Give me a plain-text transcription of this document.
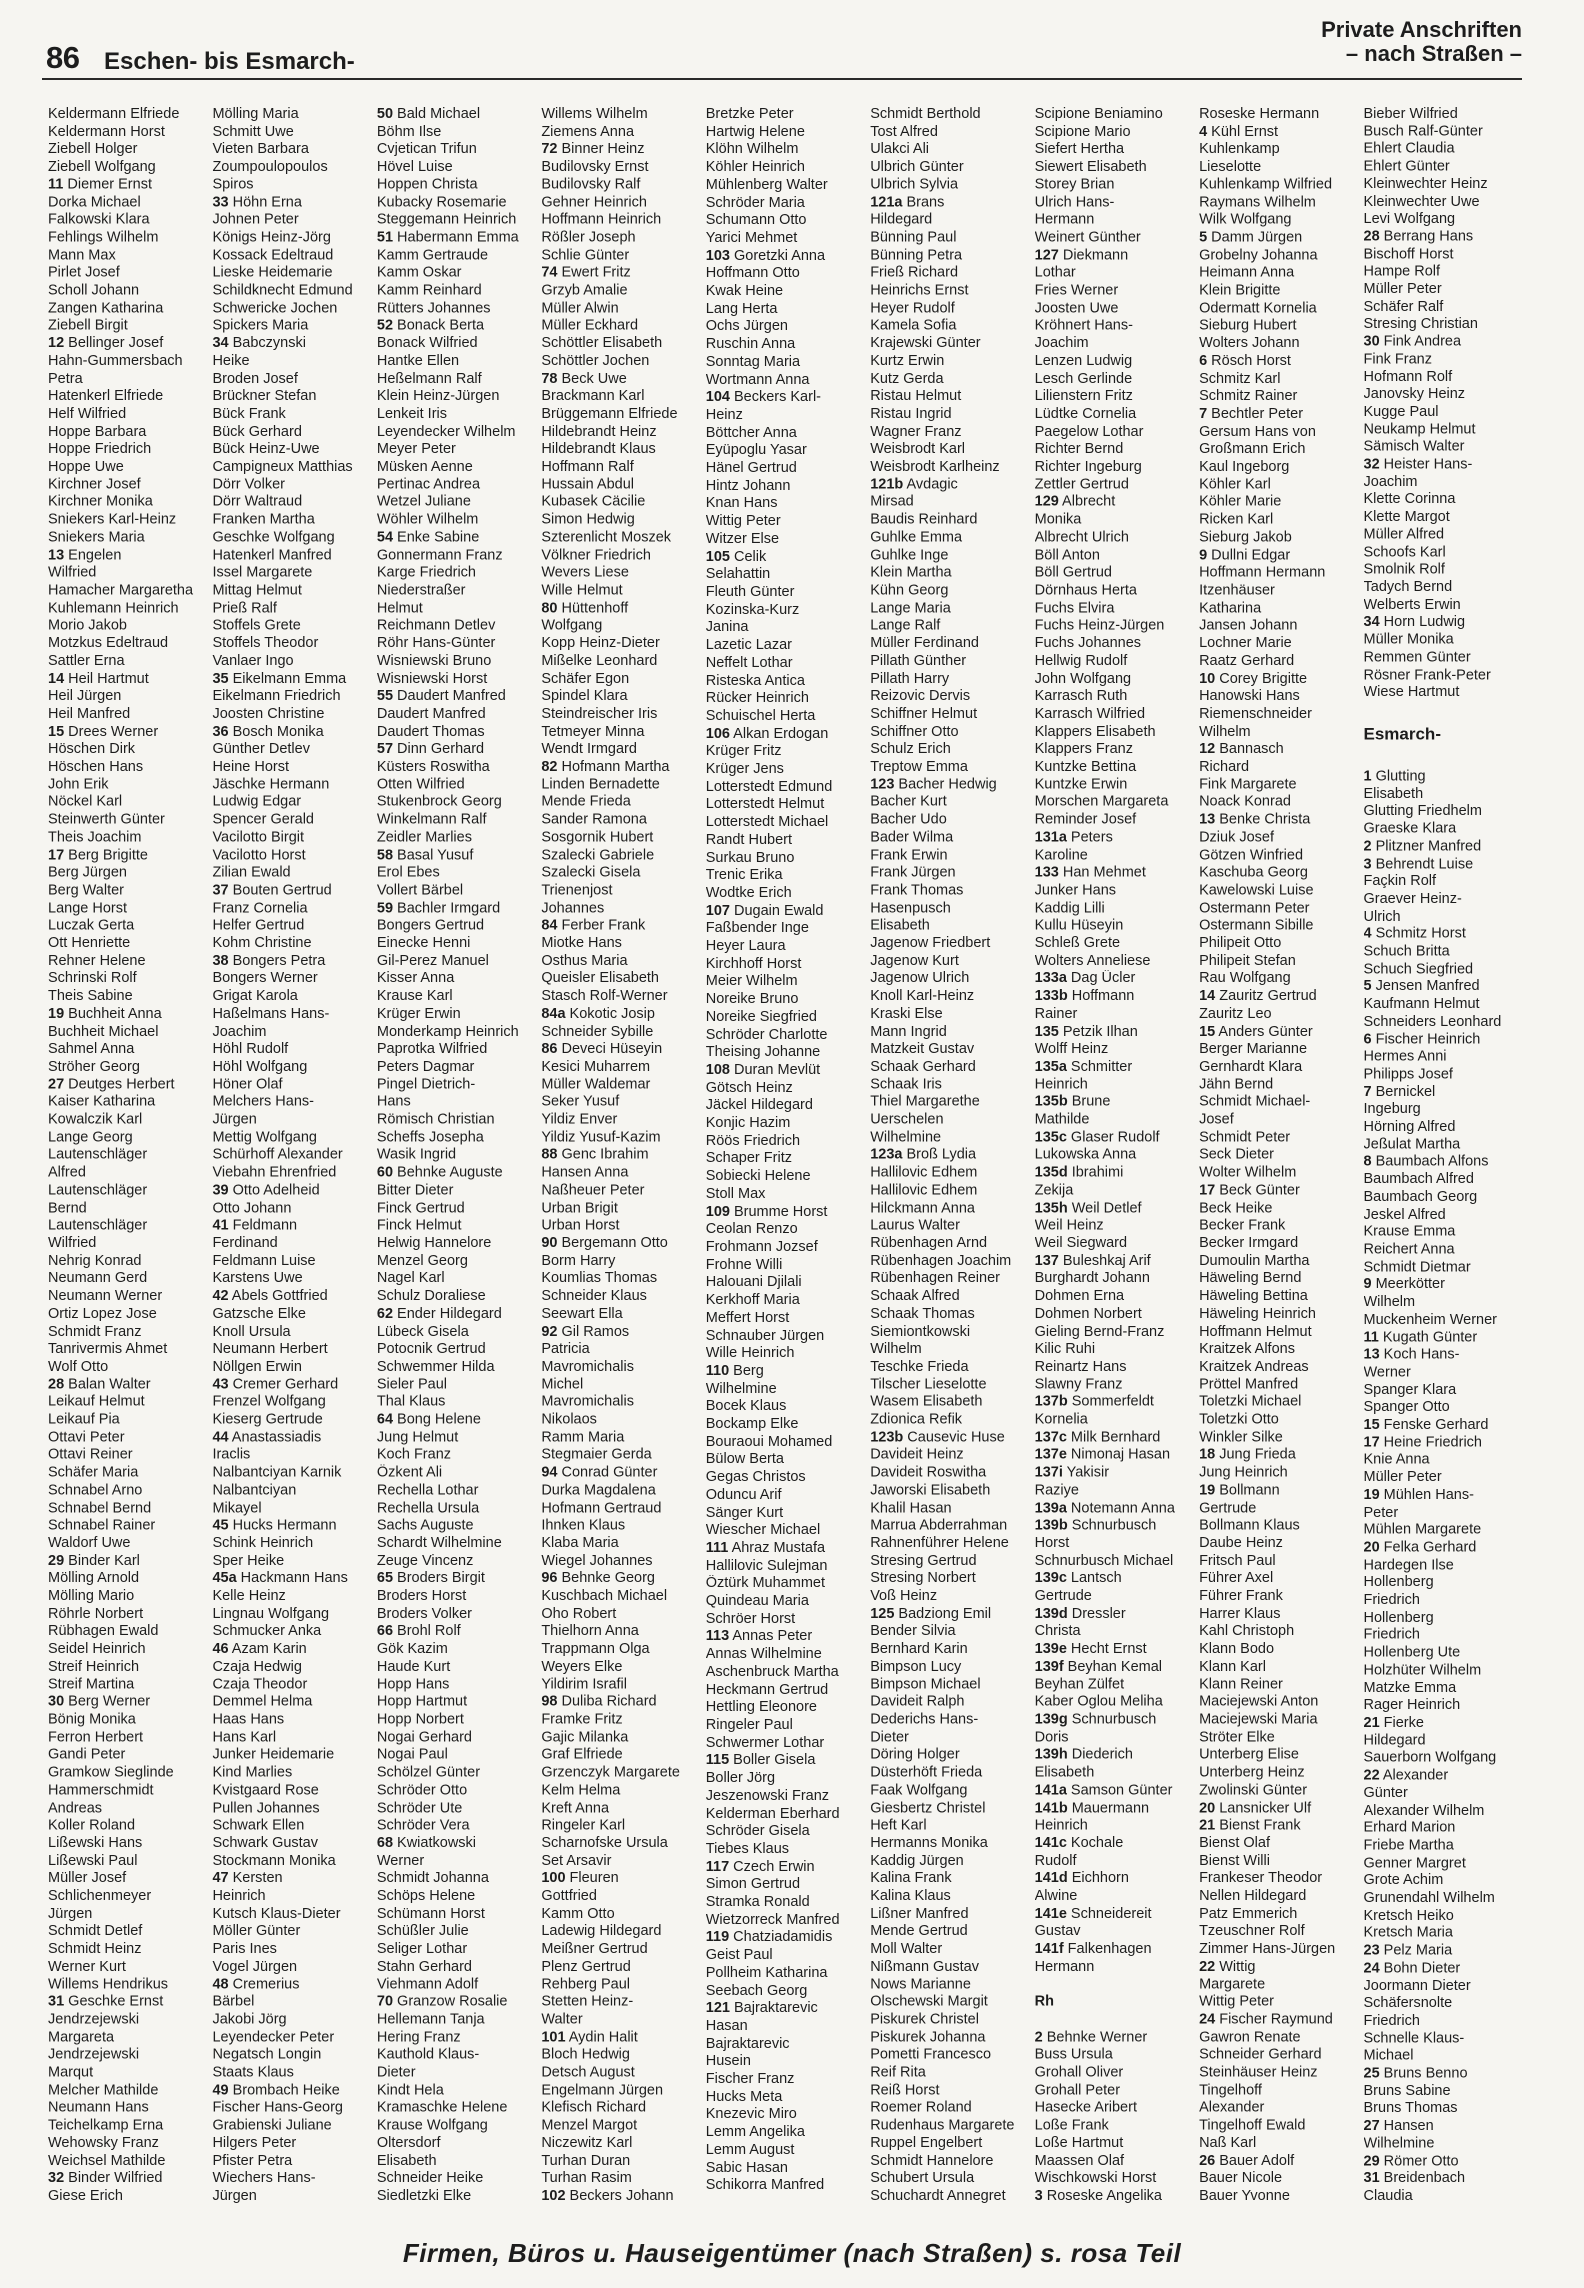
86 Eschen- bis Esmarch-
Private Anschriften
– nach Straßen –
Keldermann Elfriede
Keldermann Horst
Ziebell Holger
Ziebell Wolfgang
11 Diemer Ernst
Dorka Michael
Falkowski Klara
Fehlings Wilhelm
Mann Max
Pirlet Josef
Scholl Johann
Zangen Katharina
Ziebell Birgit
12 Bellinger Josef
Hahn-Gummersbach
Petra
Hatenkerl Elfriede
Helf Wilfried
Hoppe Barbara
Hoppe Friedrich
Hoppe Uwe
Kirchner Josef
Kirchner Monika
Sniekers Karl-Heinz
Sniekers Maria
13 Engelen
Wilfried
Hamacher Margaretha
Kuhlemann Heinrich
Morio Jakob
Motzkus Edeltraud
Sattler Erna
14 Heil Hartmut
Heil Jürgen
Heil Manfred
15 Drees Werner
Höschen Dirk
Höschen Hans
John Erik
Nöckel Karl
Steinwerth Günter
Theis Joachim
17 Berg Brigitte
Berg Jürgen
Berg Walter
Lange Horst
Luczak Gerta
Ott Henriette
Rehner Helene
Schrinski Rolf
Theis Sabine
19 Buchheit Anna
Buchheit Michael
Sahmel Anna
Ströher Georg
27 Deutges Herbert
Kaiser Katharina
Kowalczik Karl
Lange Georg
Lautenschläger
Alfred
Lautenschläger
Bernd
Lautenschläger
Wilfried
Nehrig Konrad
Neumann Gerd
Neumann Werner
Ortiz Lopez Jose
Schmidt Franz
Tanrivermis Ahmet
Wolf Otto
28 Balan Walter
Leikauf Helmut
Leikauf Pia
Ottavi Peter
Ottavi Reiner
Schäfer Maria
Schnabel Arno
Schnabel Bernd
Schnabel Rainer
Waldorf Uwe
29 Binder Karl
Mölling Arnold
Mölling Mario
Röhrle Norbert
Rübhagen Ewald
Seidel Heinrich
Streif Heinrich
Streif Martina
30 Berg Werner
Bönig Monika
Ferron Herbert
Gandi Peter
Gramkow Sieglinde
Hammerschmidt
Andreas
Koller Roland
Lißewski Hans
Lißewski Paul
Müller Josef
Schlichenmeyer
Jürgen
Schmidt Detlef
Schmidt Heinz
Werner Kurt
Willems Hendrikus
31 Geschke Ernst
Jendrzejewski
Margareta
Jendrzejewski
Marqut
Melcher Mathilde
Neumann Hans
Teichelkamp Erna
Wehowsky Franz
Weichsel Mathilde
32 Binder Wilfried
Giese Erich
Mölling Maria
Schmitt Uwe
Vieten Barbara
Zoumpoulopoulos
Spiros
33 Höhn Erna
Johnen Peter
Königs Heinz-Jörg
Kossack Edeltraud
Lieske Heidemarie
Schildknecht Edmund
Schwericke Jochen
Spickers Maria
34 Babczynski
Heike
Broden Josef
Brückner Stefan
Bück Frank
Bück Gerhard
Bück Heinz-Uwe
Campigneux Matthias
Dörr Volker
Dörr Waltraud
Franken Martha
Geschke Wolfgang
Hatenkerl Manfred
Issel Margarete
Mittag Helmut
Prieß Ralf
Stoffels Grete
Stoffels Theodor
Vanlaer Ingo
35 Eikelmann Emma
Eikelmann Friedrich
Joosten Christine
36 Bosch Monika
Günther Detlev
Heine Horst
Jäschke Hermann
Ludwig Edgar
Spencer Gerald
Vacilotto Birgit
Vacilotto Horst
Zilian Ewald
37 Bouten Gertrud
Franz Cornelia
Helfer Gertrud
Kohm Christine
38 Bongers Petra
Bongers Werner
Grigat Karola
Haßelmans Hans-
Joachim
Höhl Rudolf
Höhl Wolfgang
Höner Olaf
Melchers Hans-
Jürgen
Mettig Wolfgang
Schürhoff Alexander
Viebahn Ehrenfried
39 Otto Adelheid
Otto Johann
41 Feldmann
Ferdinand
Feldmann Luise
Karstens Uwe
42 Abels Gottfried
Gatzsche Elke
Knoll Ursula
Neumann Herbert
Nöllgen Erwin
43 Cremer Gerhard
Frenzel Wolfgang
Kieserg Gertrude
44 Anastassiadis
Iraclis
Nalbantciyan Karnik
Nalbantciyan
Mikayel
45 Hucks Hermann
Schink Heinrich
Sper Heike
45a Hackmann Hans
Kelle Heinz
Lingnau Wolfgang
Schmucker Anka
46 Azam Karin
Czaja Hedwig
Czaja Theodor
Demmel Helma
Haas Hans
Hans Karl
Junker Heidemarie
Kind Marlies
Kvistgaard Rose
Pullen Johannes
Schwark Ellen
Schwark Gustav
Stockmann Monika
47 Kersten
Heinrich
Kutsch Klaus-Dieter
Möller Günter
Paris Ines
Vogel Jürgen
48 Cremerius
Bärbel
Jakobi Jörg
Leyendecker Peter
Negatsch Longin
Staats Klaus
49 Brombach Heike
Fischer Hans-Georg
Grabienski Juliane
Hilgers Peter
Pfister Petra
Wiechers Hans-
Jürgen
50 Bald Michael
Böhm Ilse
Cvjetican Trifun
Hövel Luise
Hoppen Christa
Kubacky Rosemarie
Steggemann Heinrich
51 Habermann Emma
Kamm Gertraude
Kamm Oskar
Kamm Reinhard
Rütters Johannes
52 Bonack Berta
Bonack Wilfried
Hantke Ellen
Heßelmann Ralf
Klein Heinz-Jürgen
Lenkeit Iris
Leyendecker Wilhelm
Meyer Peter
Müsken Aenne
Pertinac Andrea
Wetzel Juliane
Wöhler Wilhelm
54 Enke Sabine
Gonnermann Franz
Karge Friedrich
Niederstraßer
Helmut
Reichmann Detlev
Röhr Hans-Günter
Wisniewski Bruno
Wisniewski Horst
55 Daudert Manfred
Daudert Manfred
Daudert Thomas
57 Dinn Gerhard
Küsters Roswitha
Otten Wilfried
Stukenbrock Georg
Winkelmann Ralf
Zeidler Marlies
58 Basal Yusuf
Erol Ebes
Vollert Bärbel
59 Bachler Irmgard
Bongers Gertrud
Einecke Henni
Gil-Perez Manuel
Kisser Anna
Krause Karl
Krüger Erwin
Monderkamp Heinrich
Paprotka Wilfried
Peters Dagmar
Pingel Dietrich-
Hans
Römisch Christian
Scheffs Josepha
Wasik Ingrid
60 Behnke Auguste
Bitter Dieter
Finck Gertrud
Finck Helmut
Helwig Hannelore
Menzel Georg
Nagel Karl
Schulz Doraliese
62 Ender Hildegard
Lübeck Gisela
Potocnik Gertrud
Schwemmer Hilda
Sieler Paul
Thal Klaus
64 Bong Helene
Jung Helmut
Koch Franz
Özkent Ali
Rechella Lothar
Rechella Ursula
Sachs Auguste
Schardt Wilhelmine
Zeuge Vincenz
65 Broders Birgit
Broders Horst
Broders Volker
66 Brohl Rolf
Gök Kazim
Haude Kurt
Hopp Hans
Hopp Hartmut
Hopp Norbert
Nogai Gerhard
Nogai Paul
Schölzel Günter
Schröder Otto
Schröder Ute
Schröder Vera
68 Kwiatkowski
Werner
Schmidt Johanna
Schöps Helene
Schümann Horst
Schüßler Julie
Seliger Lothar
Stahn Gerhard
Viehmann Adolf
70 Granzow Rosalie
Hellemann Tanja
Hering Franz
Kauthold Klaus-
Dieter
Kindt Hela
Kramaschke Helene
Krause Wolfgang
Oltersdorf
Elisabeth
Schneider Heike
Siedletzki Elke
Willems Wilhelm
Ziemens Anna
72 Binner Heinz
Budilovsky Ernst
Budilovsky Ralf
Gehner Heinrich
Hoffmann Heinrich
Rößler Joseph
Schlie Günter
74 Ewert Fritz
Grzyb Amalie
Müller Alwin
Müller Eckhard
Schöttler Elisabeth
Schöttler Jochen
78 Beck Uwe
Brackmann Karl
Brüggemann Elfriede
Hildebrandt Heinz
Hildebrandt Klaus
Hoffmann Ralf
Hussain Abdul
Kubasek Cäcilie
Simon Hedwig
Szterenlicht Moszek
Völkner Friedrich
Wevers Liese
Wille Helmut
80 Hüttenhoff
Wolfgang
Kopp Heinz-Dieter
Mißelke Leonhard
Schäfer Egon
Spindel Klara
Steindreischer Iris
Tetmeyer Minna
Wendt Irmgard
82 Hofmann Martha
Linden Bernadette
Mende Frieda
Sander Ramona
Sosgornik Hubert
Szalecki Gabriele
Szalecki Gisela
Trienenjost
Johannes
84 Ferber Frank
Miotke Hans
Osthus Maria
Queisler Elisabeth
Stasch Rolf-Werner
84a Kokotic Josip
Schneider Sybille
86 Deveci Hüseyin
Kesici Muharrem
Müller Waldemar
Seker Yusuf
Yildiz Enver
Yildiz Yusuf-Kazim
88 Genc Ibrahim
Hansen Anna
Naßheuer Peter
Urban Brigit
Urban Horst
90 Bergemann Otto
Borm Harry
Koumlias Thomas
Schneider Klaus
Seewart Ella
92 Gil Ramos
Patricia
Mavromichalis
Michel
Mavromichalis
Nikolaos
Ramm Maria
Stegmaier Gerda
94 Conrad Günter
Durka Magdalena
Hofmann Gertraud
Ihnken Klaus
Klaba Maria
Wiegel Johannes
96 Behnke Georg
Kuschbach Michael
Oho Robert
Thielhorn Anna
Trappmann Olga
Weyers Elke
Yildirim Israfil
98 Duliba Richard
Framke Fritz
Gajic Milanka
Graf Elfriede
Grzenczyk Margarete
Kelm Helma
Kreft Anna
Ringeler Karl
Scharnofske Ursula
Set Arsavir
100 Fleuren
Gottfried
Kamm Otto
Ladewig Hildegard
Meißner Gertrud
Plenz Gertrud
Rehberg Paul
Stetten Heinz-
Walter
101 Aydin Halit
Bloch Hedwig
Detsch August
Engelmann Jürgen
Klefisch Richard
Menzel Margot
Niczewitz Karl
Turhan Duran
Turhan Rasim
102 Beckers Johann
Bretzke Peter
Hartwig Helene
Klöhn Wilhelm
Köhler Heinrich
Mühlenberg Walter
Schröder Maria
Schumann Otto
Yarici Mehmet
103 Goretzki Anna
Hoffmann Otto
Kwak Heine
Lang Herta
Ochs Jürgen
Ruschin Anna
Sonntag Maria
Wortmann Anna
104 Beckers Karl-
Heinz
Böttcher Anna
Eyüpoglu Yasar
Hänel Gertrud
Hintz Johann
Knan Hans
Wittig Peter
Witzer Else
105 Celik
Selahattin
Fleuth Günter
Kozinska-Kurz
Janina
Lazetic Lazar
Neffelt Lothar
Risteska Antica
Rücker Heinrich
Schuischel Herta
106 Alkan Erdogan
Krüger Fritz
Krüger Jens
Lotterstedt Edmund
Lotterstedt Helmut
Lotterstedt Michael
Randt Hubert
Surkau Bruno
Trenic Erika
Wodtke Erich
107 Dugain Ewald
Faßbender Inge
Heyer Laura
Kirchhoff Horst
Meier Wilhelm
Noreike Bruno
Noreike Siegfried
Schröder Charlotte
Theising Johanne
108 Duran Mevlüt
Götsch Heinz
Jäckel Hildegard
Konjic Hazim
Röös Friedrich
Schaper Fritz
Sobiecki Helene
Stoll Max
109 Brumme Horst
Ceolan Renzo
Frohmann Jozsef
Frohne Willi
Halouani Djilali
Kerkhoff Maria
Meffert Horst
Schnauber Jürgen
Wille Heinrich
110 Berg
Wilhelmine
Bocek Klaus
Bockamp Elke
Bouraoui Mohamed
Bülow Berta
Gegas Christos
Oduncu Arif
Sänger Kurt
Wiescher Michael
111 Ahraz Mustafa
Hallilovic Sulejman
Öztürk Muhammet
Quindeau Maria
Schröer Horst
113 Annas Peter
Annas Wilhelmine
Aschenbruck Martha
Heckmann Gertrud
Hettling Eleonore
Ringeler Paul
Schwermer Lothar
115 Boller Gisela
Boller Jörg
Jeszenowski Franz
Kelderman Eberhard
Schröder Gisela
Tiebes Klaus
117 Czech Erwin
Simon Gertrud
Stramka Ronald
Wietzorreck Manfred
119 Chatziadamidis
Geist Paul
Pollheim Katharina
Seebach Georg
121 Bajraktarevic
Hasan
Bajraktarevic
Husein
Fischer Franz
Hucks Meta
Knezevic Miro
Lemm Angelika
Lemm August
Sabic Hasan
Schikorra Manfred
Schmidt Berthold
Tost Alfred
Ulakci Ali
Ulbrich Günter
Ulbrich Sylvia
121a Brans
Hildegard
Bünning Paul
Bünning Petra
Frieß Richard
Heinrichs Ernst
Heyer Rudolf
Kamela Sofia
Krajewski Günter
Kurtz Erwin
Kutz Gerda
Ristau Helmut
Ristau Ingrid
Wagner Franz
Weisbrodt Karl
Weisbrodt Karlheinz
121b Avdagic
Mirsad
Baudis Reinhard
Guhlke Emma
Guhlke Inge
Klein Martha
Kühn Georg
Lange Maria
Lange Ralf
Müller Ferdinand
Pillath Günther
Pillath Harry
Reizovic Dervis
Schiffner Helmut
Schiffner Otto
Schulz Erich
Treptow Emma
123 Bacher Hedwig
Bacher Kurt
Bacher Udo
Bader Wilma
Frank Erwin
Frank Jürgen
Frank Thomas
Hasenpusch
Elisabeth
Jagenow Friedbert
Jagenow Kurt
Jagenow Ulrich
Knoll Karl-Heinz
Kraski Else
Mann Ingrid
Matzkeit Gustav
Schaak Gerhard
Schaak Iris
Thiel Margarethe
Uerschelen
Wilhelmine
123a Broß Lydia
Hallilovic Edhem
Hallilovic Edhem
Hilckmann Anna
Laurus Walter
Rübenhagen Arnd
Rübenhagen Joachim
Rübenhagen Reiner
Schaak Alfred
Schaak Thomas
Siemiontkowski
Wilhelm
Teschke Frieda
Tilscher Lieselotte
Wasem Elisabeth
Zdionica Refik
123b Causevic Huse
Davideit Heinz
Davideit Roswitha
Jaworski Elisabeth
Khalil Hasan
Marrua Abderrahman
Rahnenführer Helene
Stresing Gertrud
Stresing Norbert
Voß Heinz
125 Badziong Emil
Bender Silvia
Bernhard Karin
Bimpson Lucy
Bimpson Michael
Davideit Ralph
Dederichs Hans-
Dieter
Döring Holger
Düsterhöft Frieda
Faak Wolfgang
Giesbertz Christel
Heft Karl
Hermanns Monika
Kaddig Jürgen
Kalina Frank
Kalina Klaus
Lißner Manfred
Mende Gertrud
Moll Walter
Nißmann Gustav
Nows Marianne
Olschewski Margit
Piskurek Christel
Piskurek Johanna
Pometti Francesco
Reif Rita
Reiß Horst
Roemer Roland
Rudenhaus Margarete
Ruppel Engelbert
Schmidt Hannelore
Schubert Ursula
Schuchardt Annegret
Scipione Beniamino
Scipione Mario
Siefert Hertha
Siewert Elisabeth
Storey Brian
Ulrich Hans-
Hermann
Weinert Günther
127 Diekmann
Lothar
Fries Werner
Joosten Uwe
Kröhnert Hans-
Joachim
Lenzen Ludwig
Lesch Gerlinde
Lilienstern Fritz
Lüdtke Cornelia
Paegelow Lothar
Richter Bernd
Richter Ingeburg
Zettler Gertrud
129 Albrecht
Monika
Albrecht Ulrich
Böll Anton
Böll Gertrud
Dörnhaus Herta
Fuchs Elvira
Fuchs Heinz-Jürgen
Fuchs Johannes
Hellwig Rudolf
John Wolfgang
Karrasch Ruth
Karrasch Wilfried
Klappers Elisabeth
Klappers Franz
Kuntzke Bettina
Kuntzke Erwin
Morschen Margareta
Reminder Josef
131a Peters
Karoline
133 Han Mehmet
Junker Hans
Kaddig Lilli
Kullu Hüseyin
Schleß Grete
Wolters Anneliese
133a Dag Ücler
133b Hoffmann
Rainer
135 Petzik Ilhan
Wolff Heinz
135a Schmitter
Heinrich
135b Brune
Mathilde
135c Glaser Rudolf
Lukowska Anna
135d Ibrahimi
Zekija
135h Weil Detlef
Weil Heinz
Weil Siegward
137 Buleshkaj Arif
Burghardt Johann
Dohmen Erna
Dohmen Norbert
Gieling Bernd-Franz
Kilic Ruhi
Reinartz Hans
Slawny Franz
137b Sommerfeldt
Kornelia
137c Milk Bernhard
137e Nimonaj Hasan
137i Yakisir
Raziye
139a Notemann Anna
139b Schnurbusch
Horst
Schnurbusch Michael
139c Lantsch
Gertrude
139d Dressler
Christa
139e Hecht Ernst
139f Beyhan Kemal
Beyhan Zülfet
Kaber Oglou Meliha
139g Schnurbusch
Doris
139h Diederich
Elisabeth
141a Samson Günter
141b Mauermann
Heinrich
141c Kochale
Rudolf
141d Eichhorn
Alwine
141e Schneidereit
Gustav
141f Falkenhagen
Hermann

Rh

2 Behnke Werner
Buss Ursula
Grohall Oliver
Grohall Peter
Hasecke Aribert
Loße Frank
Loße Hartmut
Maassen Olaf
Wischkowski Horst
3 Roseske Angelika
Roseske Hermann
4 Kühl Ernst
Kuhlenkamp
Lieselotte
Kuhlenkamp Wilfried
Raymans Wilhelm
Wilk Wolfgang
5 Damm Jürgen
Grobelny Johanna
Heimann Anna
Klein Brigitte
Odermatt Kornelia
Sieburg Hubert
Wolters Johann
6 Rösch Horst
Schmitz Karl
Schmitz Rainer
7 Bechtler Peter
Gersum Hans von
Großmann Erich
Kaul Ingeborg
Köhler Karl
Köhler Marie
Ricken Karl
Sieburg Jakob
9 Dullni Edgar
Hoffmann Hermann
Itzenhäuser
Katharina
Jansen Johann
Lochner Marie
Raatz Gerhard
10 Corey Brigitte
Hanowski Hans
Riemenschneider
Wilhelm
12 Bannasch
Richard
Fink Margarete
Noack Konrad
13 Benke Christa
Dziuk Josef
Götzen Winfried
Kaschuba Georg
Kawelowski Luise
Ostermann Peter
Ostermann Sibille
Philipeit Otto
Philipeit Stefan
Rau Wolfgang
14 Zauritz Gertrud
Zauritz Leo
15 Anders Günter
Berger Marianne
Gernhardt Klara
Jähn Bernd
Schmidt Michael-
Josef
Schmidt Peter
Seck Dieter
Wolter Wilhelm
17 Beck Günter
Beck Heike
Becker Frank
Becker Irmgard
Dumoulin Martha
Häweling Bernd
Häweling Bettina
Häweling Heinrich
Hoffmann Helmut
Kraitzek Alfons
Kraitzek Andreas
Pröttel Manfred
Toletzki Michael
Toletzki Otto
Winkler Silke
18 Jung Frieda
Jung Heinrich
19 Bollmann
Gertrude
Bollmann Klaus
Daube Heinz
Fritsch Paul
Führer Axel
Führer Frank
Harrer Klaus
Kahl Christoph
Klann Bodo
Klann Karl
Klann Reiner
Maciejewski Anton
Maciejewski Maria
Ströter Elke
Unterberg Elise
Unterberg Heinz
Zwolinski Günter
20 Lansnicker Ulf
21 Bienst Frank
Bienst Olaf
Bienst Willi
Frankeser Theodor
Nellen Hildegard
Patz Emmerich
Tzeuschner Rolf
Zimmer Hans-Jürgen
22 Wittig
Margarete
Wittig Peter
24 Fischer Raymund
Gawron Renate
Schneider Gerhard
Steinhäuser Heinz
Tingelhoff
Alexander
Tingelhoff Ewald
Naß Karl
26 Bauer Adolf
Bauer Nicole
Bauer Yvonne
Bieber Wilfried
Busch Ralf-Günter
Ehlert Claudia
Ehlert Günter
Kleinwechter Heinz
Kleinwechter Uwe
Levi Wolfgang
28 Berrang Hans
Bischoff Horst
Hampe Rolf
Müller Peter
Schäfer Ralf
Stresing Christian
30 Fink Andrea
Fink Franz
Hofmann Rolf
Janovsky Heinz
Kugge Paul
Neukamp Helmut
Sämisch Walter
32 Heister Hans-
Joachim
Klette Corinna
Klette Margot
Müller Alfred
Schoofs Karl
Smolnik Rolf
Tadych Bernd
Welberts Erwin
34 Horn Ludwig
Müller Monika
Remmen Günter
Rösner Frank-Peter
Wiese Hartmut

Esmarch-

1 Glutting
Elisabeth
Glutting Friedhelm
Graeske Klara
2 Plitzner Manfred
3 Behrendt Luise
Façkin Rolf
Graever Heinz-
Ulrich
4 Schmitz Horst
Schuch Britta
Schuch Siegfried
5 Jensen Manfred
Kaufmann Helmut
Schneiders Leonhard
6 Fischer Heinrich
Hermes Anni
Philipps Josef
7 Bernickel
Ingeburg
Hörning Alfred
Jeßulat Martha
8 Baumbach Alfons
Baumbach Alfred
Baumbach Georg
Jeskel Alfred
Krause Emma
Reichert Anna
Schmidt Dietmar
9 Meerkötter
Wilhelm
Muckenheim Werner
11 Kugath Günter
13 Koch Hans-
Werner
Spanger Klara
Spanger Otto
15 Fenske Gerhard
17 Heine Friedrich
Knie Anna
Müller Peter
19 Mühlen Hans-
Peter
Mühlen Margarete
20 Felka Gerhard
Hardegen Ilse
Hollenberg
Friedrich
Hollenberg
Friedrich
Hollenberg Ute
Holzhüter Wilhelm
Matzke Emma
Rager Heinrich
21 Fierke
Hildegard
Sauerborn Wolfgang
22 Alexander
Günter
Alexander Wilhelm
Erhard Marion
Friebe Martha
Genner Margret
Grote Achim
Grunendahl Wilhelm
Kretsch Heiko
Kretsch Maria
23 Pelz Maria
24 Bohn Dieter
Joormann Dieter
Schäfersnolte
Friedrich
Schnelle Klaus-
Michael
25 Bruns Benno
Bruns Sabine
Bruns Thomas
27 Hansen
Wilhelmine
29 Römer Otto
31 Breidenbach
Claudia
Firmen, Büros u. Hauseigentümer (nach Straßen) s. rosa Teil
